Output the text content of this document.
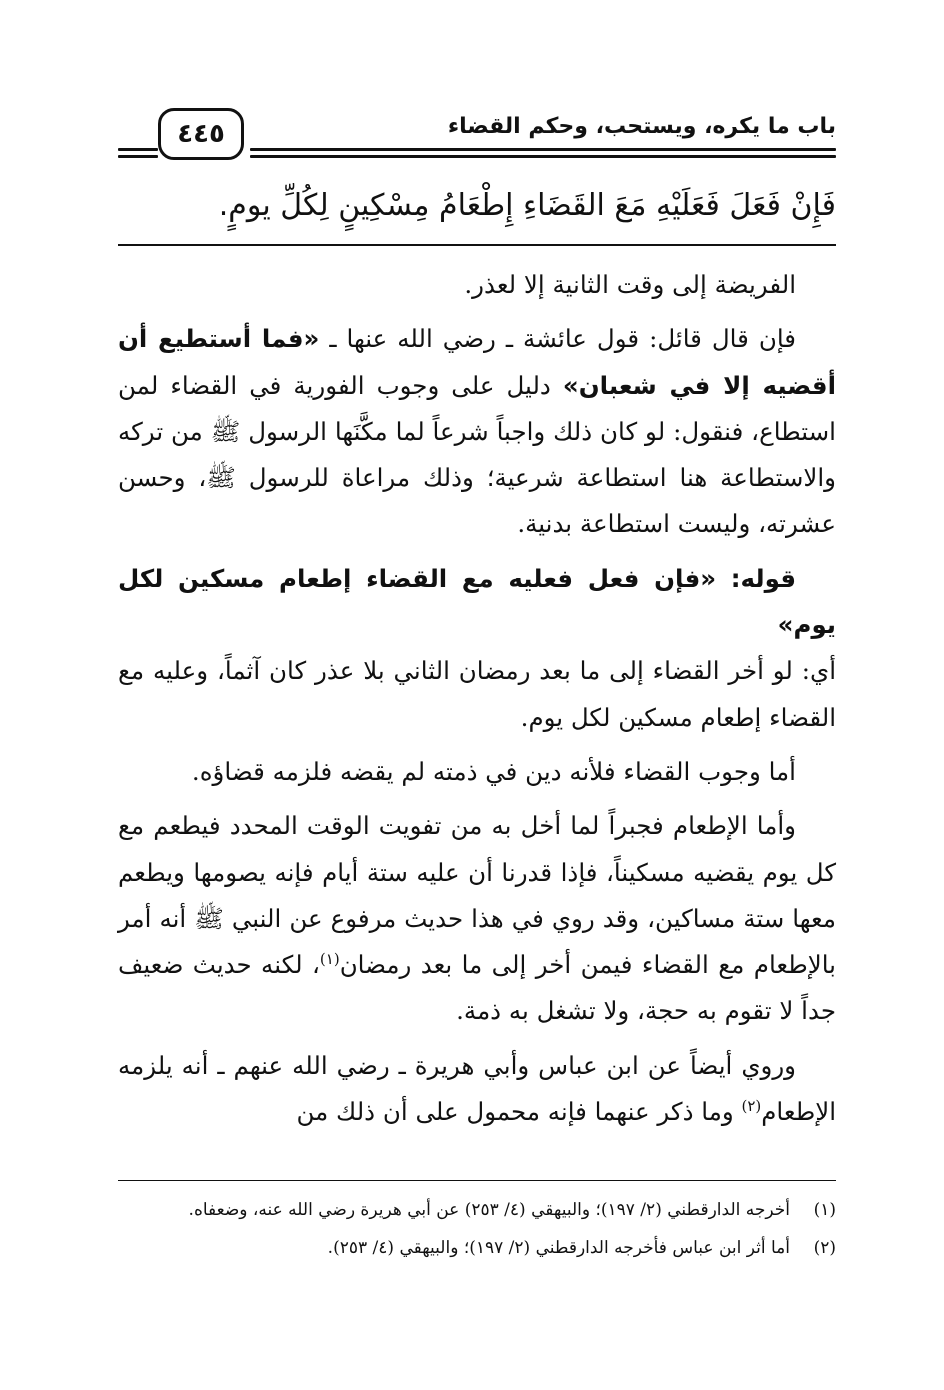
باب ما يكره، ويستحب، وحكم القضاء
٤٤٥
فَإِنْ فَعَلَ فَعَلَيْهِ مَعَ القَضَاءِ إِطْعَامُ مِسْكِينٍ لِكُلِّ يومٍ.

الفريضة إلى وقت الثانية إلا لعذر.

فإن قال قائل: قول عائشة ـ رضي الله عنها ـ «فما أستطيع أن أقضيه إلا في شعبان» دليل على وجوب الفورية في القضاء لمن استطاع، فنقول: لو كان ذلك واجباً شرعاً لما مكَّنَها الرسول ﷺ من تركه والاستطاعة هنا استطاعة شرعية؛ وذلك مراعاة للرسول ﷺ، وحسن عشرته، وليست استطاعة بدنية.

قوله: «فإن فعل فعليه مع القضاء إطعام مسكين لكل يوم»

أي: لو أخر القضاء إلى ما بعد رمضان الثاني بلا عذر كان آثماً، وعليه مع القضاء إطعام مسكين لكل يوم.

أما وجوب القضاء فلأنه دين في ذمته لم يقضه فلزمه قضاؤه.

وأما الإطعام فجبراً لما أخل به من تفويت الوقت المحدد فيطعم مع كل يوم يقضيه مسكيناً، فإذا قدرنا أن عليه ستة أيام فإنه يصومها ويطعم معها ستة مساكين، وقد روي في هذا حديث مرفوع عن النبي ﷺ أنه أمر بالإطعام مع القضاء فيمن أخر إلى ما بعد رمضان$^{(١)}$، لكنه حديث ضعيف جداً لا تقوم به حجة، ولا تشغل به ذمة.

وروي أيضاً عن ابن عباس وأبي هريرة ـ رضي الله عنهم ـ أنه يلزمه الإطعام$^{(٢)}$ وما ذكر عنهما فإنه محمول على أن ذلك من

(١)
أخرجه الدارقطني (٢/ ١٩٧)؛ والبيهقي (٤/ ٢٥٣) عن أبي هريرة رضي الله عنه، وضعفاه.
(٢)
أما أثر ابن عباس فأخرجه الدارقطني (٢/ ١٩٧)؛ والبيهقي (٤/ ٢٥٣).
